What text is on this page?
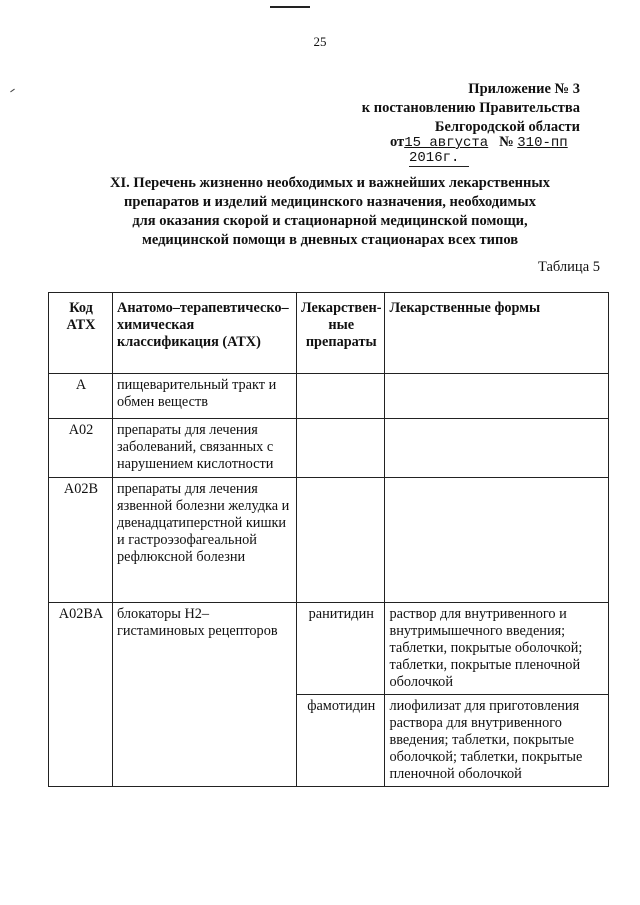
25
Приложение № 3
к постановлению Правительства
Белгородской области
от15 августа № 310-пп
2016г.
XI. Перечень жизненно необходимых и важнейших лекарственных
препаратов и изделий медицинского назначения, необходимых
для оказания скорой и стационарной медицинской помощи,
медицинской помощи в дневных стационарах всех типов
Таблица 5
Код АТХ	Анатомо–терапевтическо–химическая классификация (АТХ)	Лекарствен-ные препараты	Лекарственные формы
A	пищеварительный тракт и обмен веществ		
A02	препараты для лечения заболеваний, связанных с нарушением кислотности		
A02B	препараты для лечения язвенной болезни желудка и двенадцатиперстной кишки и гастроэзофагеальной рефлюксной болезни		
A02BA	блокаторы H2–гистаминовых рецепторов	ранитидин	раствор для внутривенного и внутримышечного введения; таблетки, покрытые оболочкой; таблетки, покрытые пленочной оболочкой
		фамотидин	лиофилизат для приготовления раствора для внутривенного введения; таблетки, покрытые оболочкой; таблетки, покрытые пленочной оболочкой
